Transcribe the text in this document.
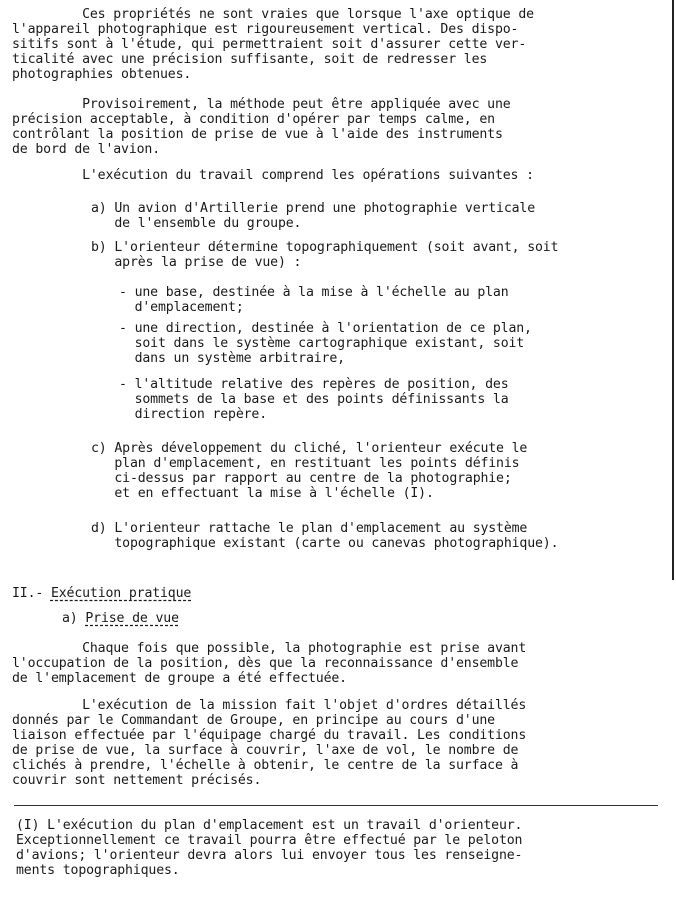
Ces propriétés ne sont vraies que lorsque l'axe optique de
l'appareil photographique est rigoureusement vertical. Des dispo-
sitifs sont à l'étude, qui permettraient soit d'assurer cette ver-
ticalité avec une précision suffisante, soit de redresser les
photographies obtenues.
Provisoirement, la méthode peut être appliquée avec une
précision acceptable, à condition d'opérer par temps calme, en
contrôlant la position de prise de vue à l'aide des instruments
de bord de l'avion.
L'exécution du travail comprend les opérations suivantes :
a) Un avion d'Artillerie prend une photographie verticale
de l'ensemble du groupe.
b) L'orienteur détermine topographiquement (soit avant, soit
après la prise de vue) :
- une base, destinée à la mise à l'échelle au plan
d'emplacement;
- une direction, destinée à l'orientation de ce plan,
soit dans le système cartographique existant, soit
dans un système arbitraire,
- l'altitude relative des repères de position, des
sommets de la base et des points définissants la
direction repère.
c) Après développement du cliché, l'orienteur exécute le
plan d'emplacement, en restituant les points définis
ci-dessus par rapport au centre de la photographie;
et en effectuant la mise à l'échelle (I).
d) L'orienteur rattache le plan d'emplacement au système
topographique existant (carte ou canevas photographique).
II.- Exécution pratique
a) Prise de vue
Chaque fois que possible, la photographie est prise avant
l'occupation de la position, dès que la reconnaissance d'ensemble
de l'emplacement de groupe a été effectuée.
L'exécution de la mission fait l'objet d'ordres détaillés
donnés par le Commandant de Groupe, en principe au cours d'une
liaison effectuée par l'équipage chargé du travail. Les conditions
de prise de vue, la surface à couvrir, l'axe de vol, le nombre de
clichés à prendre, l'échelle à obtenir, le centre de la surface à
couvrir sont nettement précisés.
(I) L'exécution du plan d'emplacement est un travail d'orienteur.
Exceptionnellement ce travail pourra être effectué par le peloton
d'avions; l'orienteur devra alors lui envoyer tous les renseigne-
ments topographiques.
